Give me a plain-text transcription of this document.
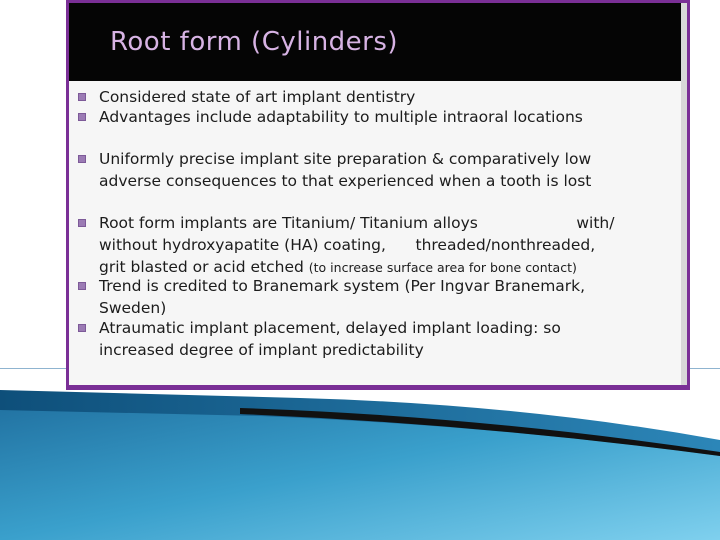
Root form (Cylinders)
Considered state of art implant dentistry
Advantages include adaptability to multiple intraoral locations
Uniformly precise implant site preparation & comparatively low
adverse consequences to that experienced when a tooth is lost
Root form implants are Titanium/ Titanium alloys                    with/
without hydroxyapatite (HA) coating,      threaded/nonthreaded,
grit blasted or acid etched (to increase surface area for bone contact)
Trend is credited to Branemark system (Per Ingvar Branemark,
Sweden)
Atraumatic implant placement, delayed implant loading: so
increased degree of implant predictability
